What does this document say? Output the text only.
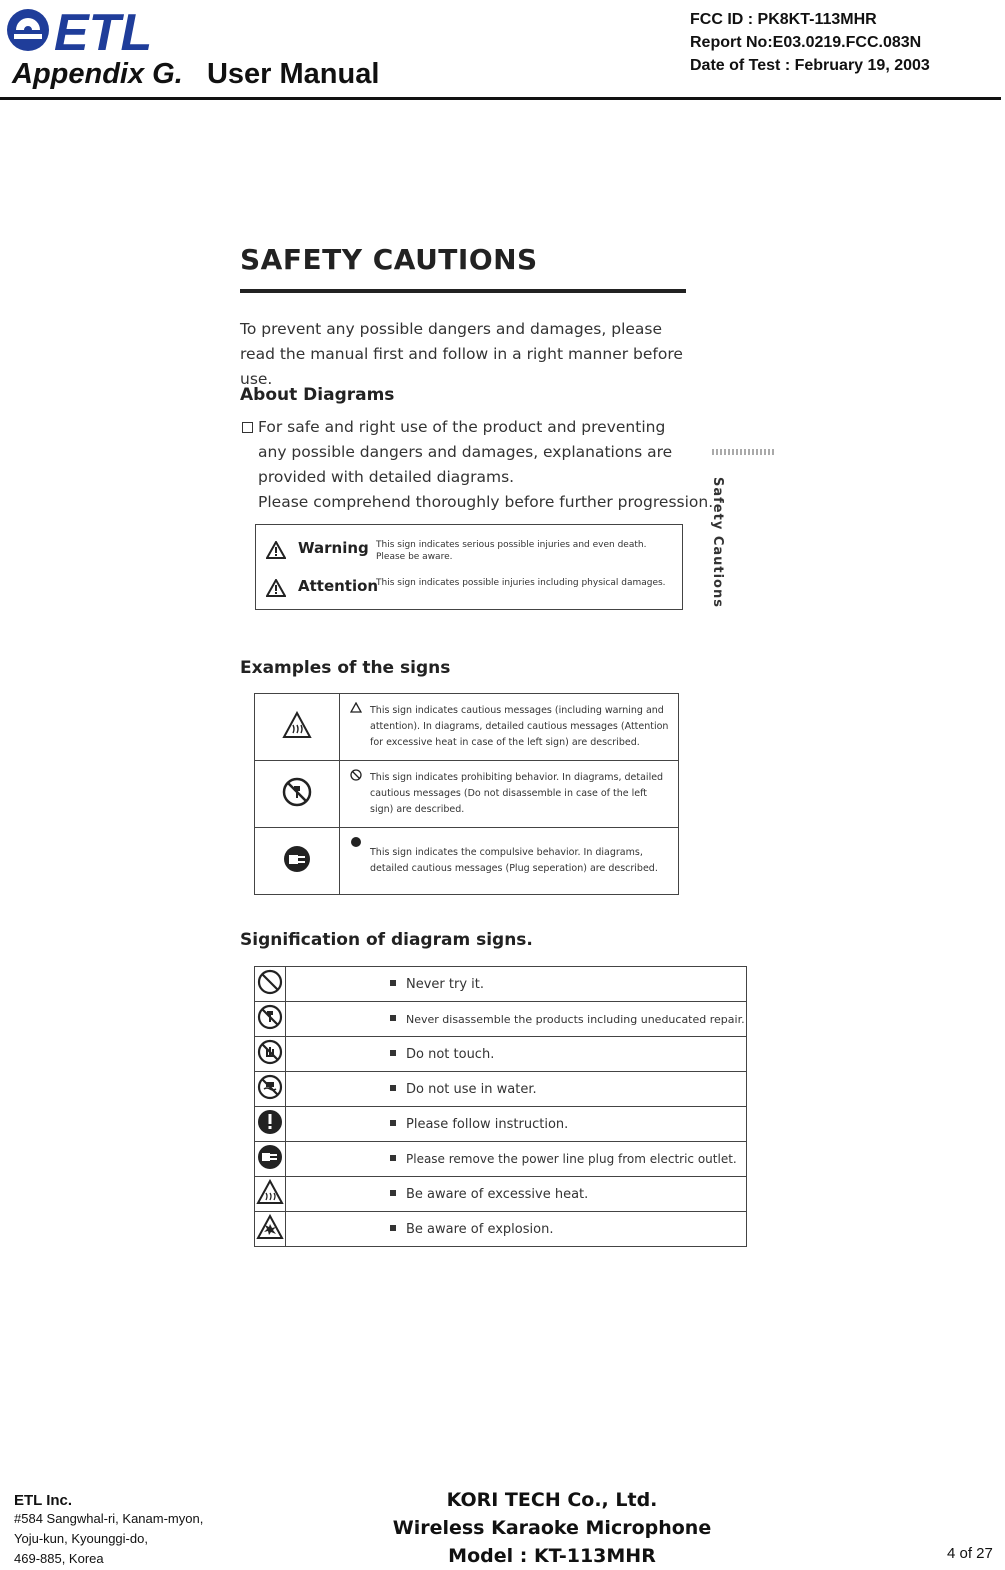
ETL
Appendix G. User Manual
FCC ID : PK8KT-113MHR
Report No:E03.0219.FCC.083N
Date of Test : February 19, 2003
SAFETY CAUTIONS
To prevent any possible dangers and damages, please read the manual first and follow in a right manner before use.
About Diagrams
For safe and right use of the product and preventing
any possible dangers and damages, explanations are
provided with detailed diagrams.
Please comprehend thoroughly before further progression.
Safety Cautions
Warning This sign indicates serious possible injuries and even death. Please be aware.
Attention
This sign indicates possible injuries including physical damages.
Examples of the signs

This sign indicates cautious messages (including warning and attention). In diagrams, detailed cautious messages (Attention for excessive heat in case of the left sign) are described.

This sign indicates prohibiting behavior. In diagrams, detailed cautious messages (Do not disassemble in case of the left sign) are described.

This sign indicates the compulsive behavior. In diagrams, detailed cautious messages (Plug seperation) are described.
Signification of diagram signs.

Never try it.

Never disassemble the products including uneducated repair.

Do not touch.

Do not use in water.

Please follow instruction.

Please remove the power line plug from electric outlet.

Be aware of excessive heat.

Be aware of explosion.
ETL Inc.
#584 Sangwhal-ri, Kanam-myon,
Yoju-kun, Kyounggi-do,
469-885, Korea
KORI TECH Co., Ltd.
Wireless Karaoke Microphone
Model : KT-113MHR	4 of 27
